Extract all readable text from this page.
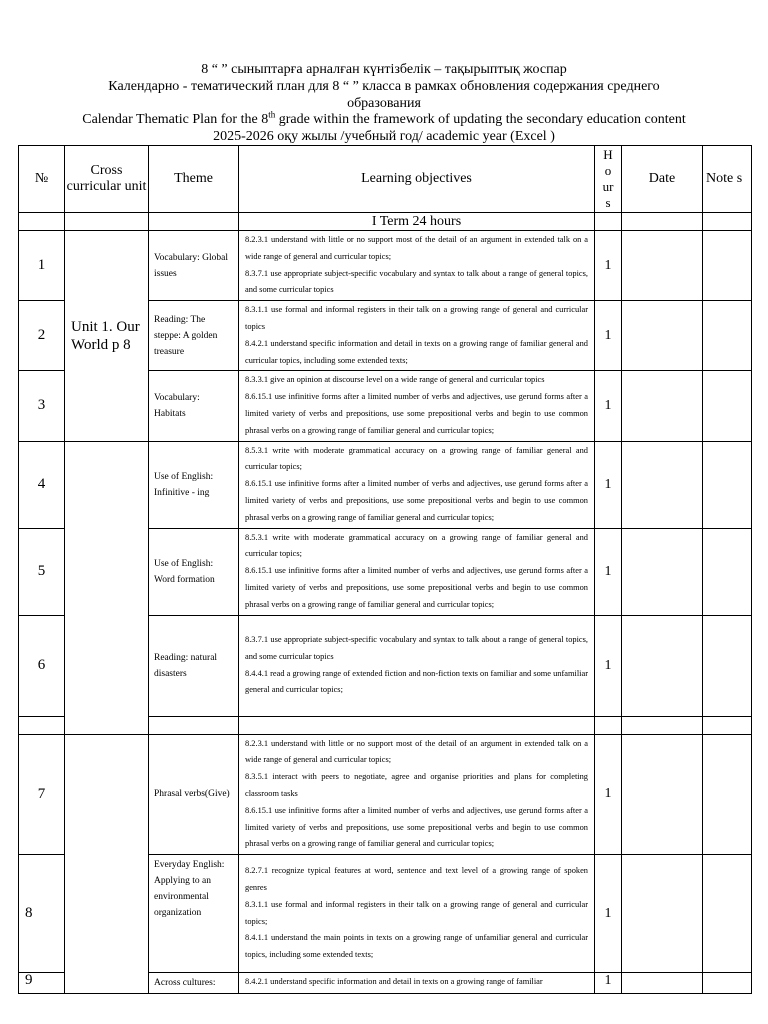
8 “ ” сыныптарға арналған күнтізбелік – тақырыптық жоспар
Календарно - тематический план для 8 “ ” класса в рамках обновления содержания среднего
образования
Calendar Thematic Plan for the 8th grade within the framework of updating the secondary education content
2025-2026 оқу жылы /учебный год/ academic year (Excel )
№	Cross curricular unit	Theme	Learning objectives	H o ur s	Date	Note s
			I Term 24 hours			
1	Unit 1. Our World p 8	Vocabulary: Global issues	8.2.3.1 understand with little or no support most of the detail of an argument in extended talk on a wide range of general and curricular topics;
8.3.7.1 use appropriate subject-specific vocabulary and syntax to talk about a range of general topics, and some curricular topics	1		
2		Reading: The steppe: A golden treasure	8.3.1.1 use formal and informal registers in their talk on a growing range of general and curricular topics
8.4.2.1 understand specific information and detail in texts on a growing range of familiar general and curricular topics, including some extended texts;	1		
3		Vocabulary: Habitats	8.3.3.1 give an opinion at discourse level on a wide range of general and curricular topics
8.6.15.1 use infinitive forms after a limited number of verbs and adjectives, use gerund forms after a limited variety of verbs and prepositions, use some prepositional verbs and begin to use common phrasal verbs on a growing range of familiar general and curricular topics;	1		
4		Use of English: Infinitive - ing	8.5.3.1 write with moderate grammatical accuracy on a growing range of familiar general and curricular topics;
8.6.15.1 use infinitive forms after a limited number of verbs and adjectives, use gerund forms after a limited variety of verbs and prepositions, use some prepositional verbs and begin to use common phrasal verbs on a growing range of familiar general and curricular topics;	1		
5		Use of English: Word formation	8.5.3.1 write with moderate grammatical accuracy on a growing range of familiar general and curricular topics;
8.6.15.1 use infinitive forms after a limited number of verbs and adjectives, use gerund forms after a limited variety of verbs and prepositions, use some prepositional verbs and begin to use common phrasal verbs on a growing range of familiar general and curricular topics;	1		
6		Reading: natural disasters	8.3.7.1 use appropriate subject-specific vocabulary and syntax to talk about a range of general topics, and some curricular topics
8.4.4.1 read a growing range of extended fiction and non-fiction texts on familiar and some unfamiliar general and curricular topics;	1		

7		Phrasal verbs(Give)	8.2.3.1 understand with little or no support most of the detail of an argument in extended talk on a wide range of general and curricular topics;
8.3.5.1 interact with peers to negotiate, agree and organise priorities and plans for completing classroom tasks
8.6.15.1 use infinitive forms after a limited number of verbs and adjectives, use gerund forms after a limited variety of verbs and prepositions, use some prepositional verbs and begin to use common phrasal verbs on a growing range of familiar general and curricular topics;	1		
8		Everyday English: Applying to an environmental organization	8.2.7.1 recognize typical features at word, sentence and text level of a growing range of spoken genres
8.3.1.1 use formal and informal registers in their talk on a growing range of general and curricular topics;
8.4.1.1 understand the main points in texts on a growing range of unfamiliar general and curricular topics, including some extended texts;	1		
9		Across cultures:	8.4.2.1 understand specific information and detail in texts on a growing range of familiar	1		
